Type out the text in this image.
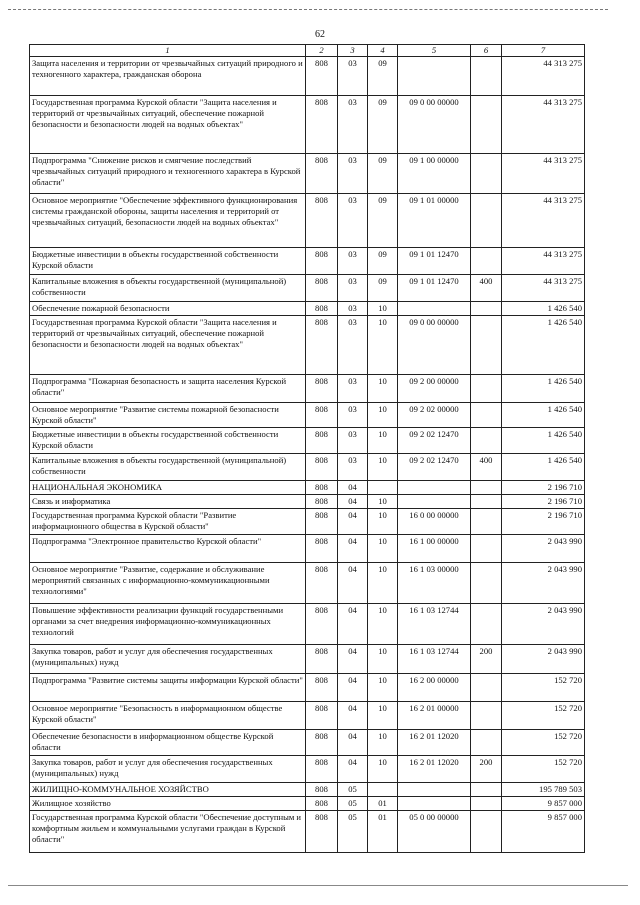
62
1	2	3	4	5	6	7
Защита населения и территории от чрезвычайных ситуаций природного и техногенного характера, гражданская оборона	808	03	09			44 313 275
Государственная программа Курской области "Защита населения и территорий от чрезвычайных ситуаций, обеспечение пожарной безопасности и безопасности людей на водных объектах"	808	03	09	09 0 00 00000		44 313 275
Подпрограмма "Снижение рисков и смягчение последствий чрезвычайных ситуаций природного и техногенного характера в Курской области"	808	03	09	09 1 00 00000		44 313 275
Основное мероприятие "Обеспечение эффективного функционирования системы гражданской обороны, защиты населения и территорий от чрезвычайных ситуаций, безопасности людей на водных объектах"	808	03	09	09 1 01 00000		44 313 275
Бюджетные инвестиции в объекты государственной собственности Курской области	808	03	09	09 1 01 12470		44 313 275
Капитальные вложения в объекты государственной (муниципальной) собственности	808	03	09	09 1 01 12470	400	44 313 275
Обеспечение пожарной безопасности	808	03	10			1 426 540
Государственная программа Курской области "Защита населения и территорий от чрезвычайных ситуаций, обеспечение пожарной безопасности и безопасности людей на водных объектах"	808	03	10	09 0 00 00000		1 426 540
Подпрограмма "Пожарная безопасность и защита населения Курской области"	808	03	10	09 2 00 00000		1 426 540
Основное мероприятие "Развитие системы пожарной безопасности Курской области"	808	03	10	09 2 02 00000		1 426 540
Бюджетные инвестиции в объекты государственной собственности Курской области	808	03	10	09 2 02 12470		1 426 540
Капитальные вложения в объекты государственной (муниципальной) собственности	808	03	10	09 2 02 12470	400	1 426 540
НАЦИОНАЛЬНАЯ ЭКОНОМИКА	808	04				2 196 710
Связь и информатика	808	04	10			2 196 710
Государственная программа Курской области "Развитие информационного общества в Курской области"	808	04	10	16 0 00 00000		2 196 710
Подпрограмма "Электронное правительство Курской области"	808	04	10	16 1 00 00000		2 043 990
Основное мероприятие "Развитие, содержание и обслуживание мероприятий связанных с информационно-коммуникационными технологиями"	808	04	10	16 1 03 00000		2 043 990
Повышение эффективности реализации функций государственными органами за счет внедрения информационно-коммуникационных технологий	808	04	10	16 1 03 12744		2 043 990
Закупка товаров, работ и услуг для обеспечения государственных (муниципальных) нужд	808	04	10	16 1 03 12744	200	2 043 990
Подпрограмма "Развитие системы защиты информации Курской области"	808	04	10	16 2 00 00000		152 720
Основное мероприятие "Безопасность в информационном обществе Курской области"	808	04	10	16 2 01 00000		152 720
Обеспечение безопасности в информационном обществе Курской области	808	04	10	16 2 01 12020		152 720
Закупка товаров, работ и услуг для обеспечения государственных (муниципальных) нужд	808	04	10	16 2 01 12020	200	152 720
ЖИЛИЩНО-КОММУНАЛЬНОЕ ХОЗЯЙСТВО	808	05				195 789 503
Жилищное хозяйство	808	05	01			9 857 000
Государственная программа Курской области "Обеспечение доступным и комфортным жильем и коммунальными услугами граждан в Курской области"	808	05	01	05 0 00 00000		9 857 000
